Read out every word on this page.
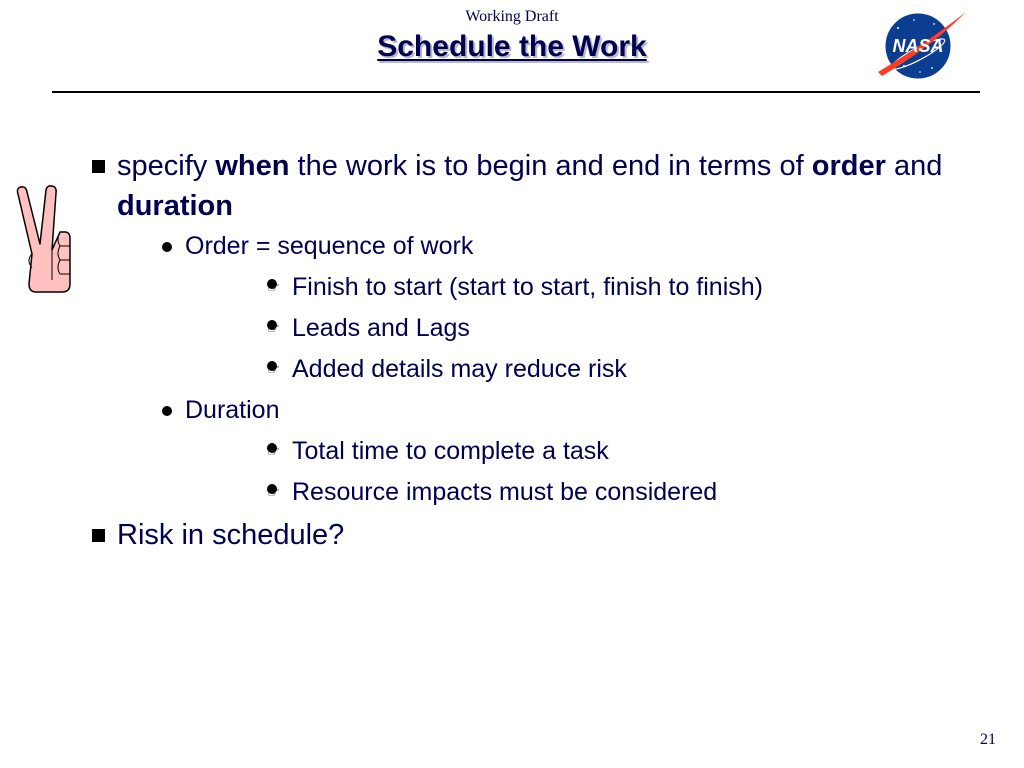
Working Draft
Schedule the Work	NASA
specify when the work is to begin and end in terms of order and duration
Order = sequence of work
☞ Finish to start (start to start, finish to finish)
☞ Leads and Lags
☞ Added details may reduce risk
Duration
☞ Total time to complete a task
☞ Resource impacts must be considered
Risk in schedule?
21
